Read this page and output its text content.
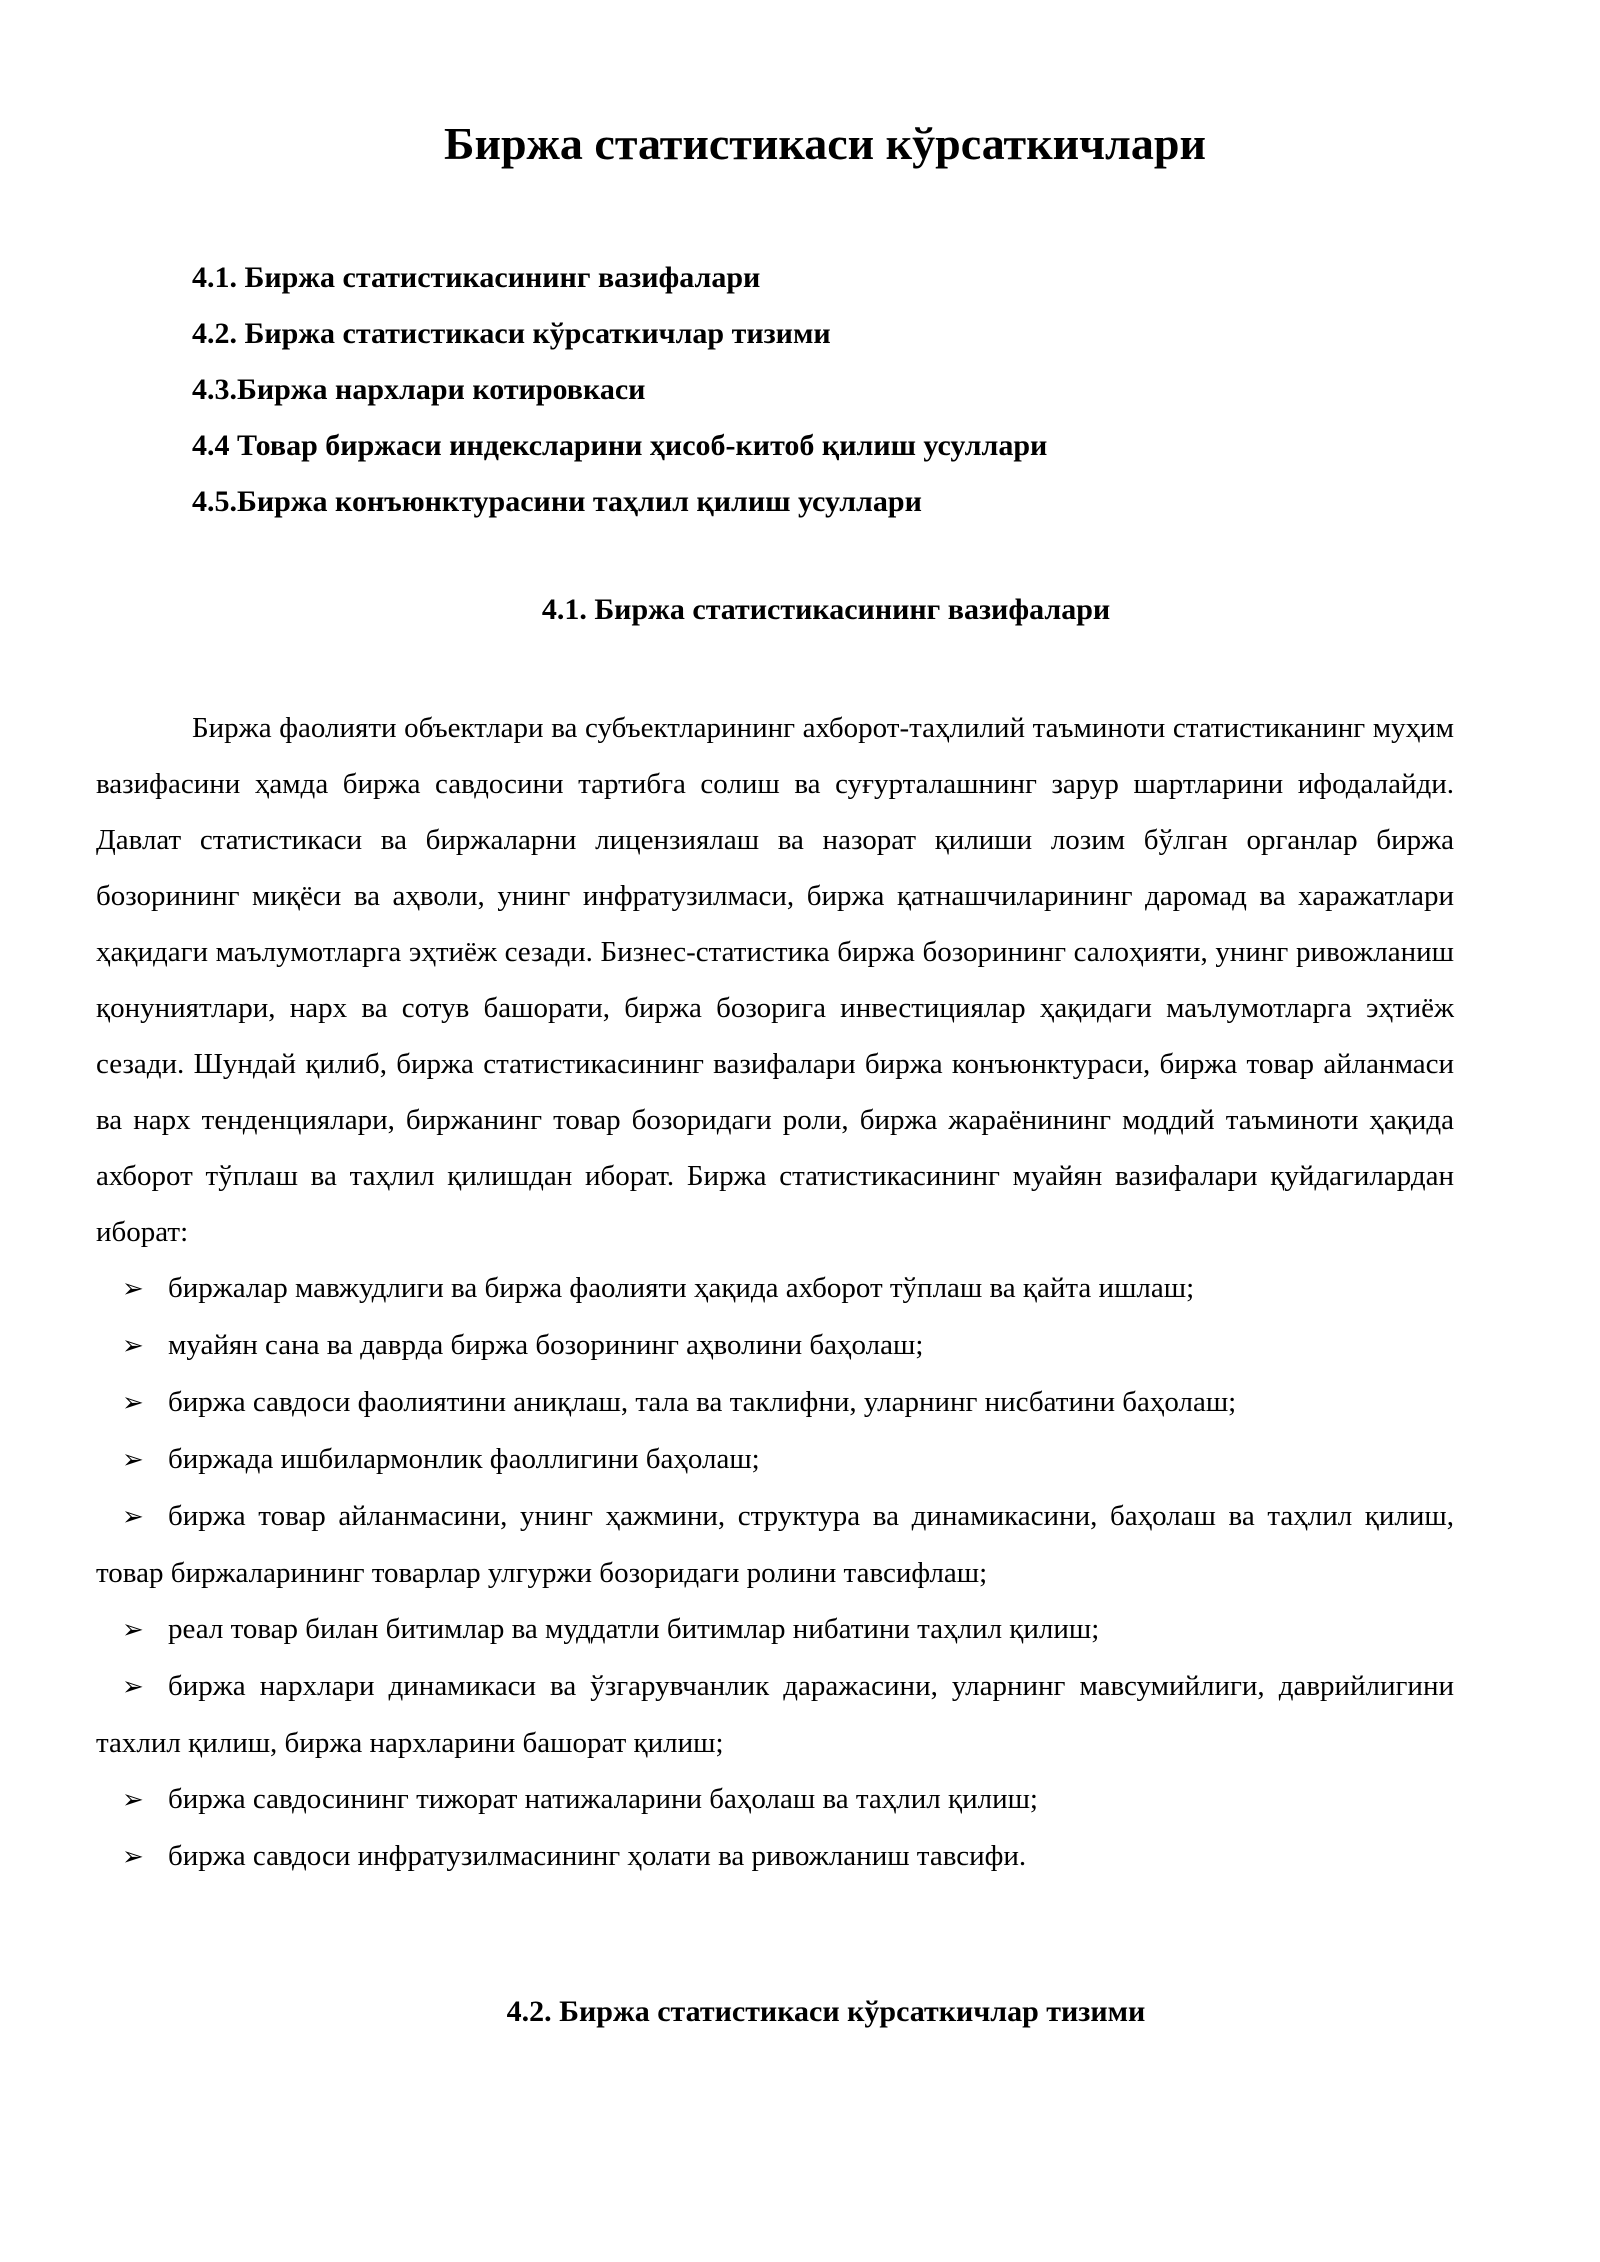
Биржа статистикаси кўрсаткичлари
4.1. Биржа статистикасининг вазифалари
4.2. Биржа статистикаси кўрсаткичлар тизими
4.3.Биржа нархлари котировкаси
4.4 Товар биржаси индексларини ҳисоб-китоб қилиш усуллари
4.5.Биржа конъюнктурасини таҳлил қилиш усуллари
4.1. Биржа статистикасининг вазифалари

Биржа фаолияти объектлари ва субъектларининг ахборот-таҳлилий таъминоти статистиканинг муҳим вазифасини ҳамда биржа савдосини тартибга солиш ва суғурталашнинг зарур шартларини ифодалайди. Давлат статистикаси ва биржаларни лицензиялаш ва назорат қилиши лозим бўлган органлар биржа бозорининг миқёси ва аҳволи, унинг инфратузилмаси, биржа қатнашчиларининг даромад ва харажатлари ҳақидаги маълумотларга эҳтиёж сезади. Бизнес-статистика биржа бозорининг салоҳияти, унинг ривожланиш қонуниятлари, нарх ва сотув башорати, биржа бозорига инвестициялар ҳақидаги маълумотларга эҳтиёж сезади. Шундай қилиб, биржа статистикасининг вазифалари биржа конъюнктураси, биржа товар айланмаси ва нарх тенденциялари, биржанинг товар бозоридаги роли, биржа жараёнининг моддий таъминоти ҳақида ахборот тўплаш ва таҳлил қилишдан иборат. Биржа статистикасининг муайян вазифалари қуйдагилардан иборат:

➢ биржалар мавжудлиги ва биржа фаолияти ҳақида ахборот тўплаш ва қайта ишлаш;
➢ муайян сана ва даврда биржа бозорининг аҳволини баҳолаш;
➢ биржа савдоси фаолиятини аниқлаш, тала ва таклифни, уларнинг нисбатини баҳолаш;
➢ биржада ишбилармонлик фаоллигини баҳолаш;
➢ биржа товар айланмасини, унинг ҳажмини, структура ва динамикасини, баҳолаш ва таҳлил қилиш, товар биржаларининг товарлар улгуржи бозоридаги ролини тавсифлаш;
➢ реал товар билан битимлар ва муддатли битимлар нибатини таҳлил қилиш;
➢ биржа нархлари динамикаси ва ўзгарувчанлик даражасини, уларнинг мавсумийлиги, даврийлигини тахлил қилиш, биржа нархларини башорат қилиш;
➢ биржа савдосининг тижорат натижаларини баҳолаш ва таҳлил қилиш;
➢ биржа савдоси инфратузилмасининг ҳолати ва ривожланиш тавсифи.
4.2. Биржа статистикаси кўрсаткичлар тизими
